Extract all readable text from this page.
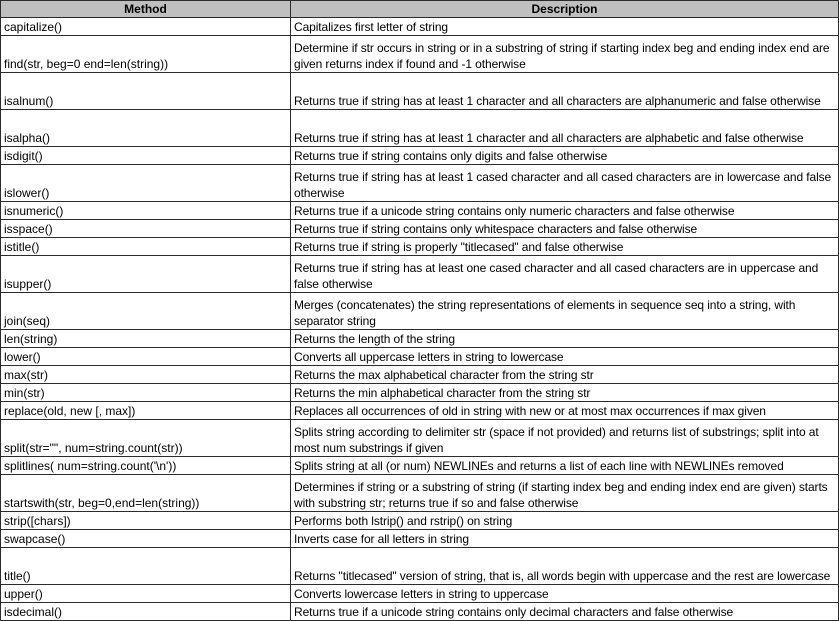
Method	Description
capitalize()	Capitalizes first letter of string
find(str, beg=0 end=len(string))	Determine if str occurs in string or in a substring of string if starting index beg and ending index end are given returns index if found and -1 otherwise
isalnum()	Returns true if string has at least 1 character and all characters are alphanumeric and false otherwise
isalpha()	Returns true if string has at least 1 character and all characters are alphabetic and false otherwise
isdigit()	Returns true if string contains only digits and false otherwise
islower()	Returns true if string has at least 1 cased character and all cased characters are in lowercase and false otherwise
isnumeric()	Returns true if a unicode string contains only numeric characters and false otherwise
isspace()	Returns true if string contains only whitespace characters and false otherwise
istitle()	Returns true if string is properly "titlecased" and false otherwise
isupper()	Returns true if string has at least one cased character and all cased characters are in uppercase and false otherwise
join(seq)	Merges (concatenates) the string representations of elements in sequence seq into a string, with separator string
len(string)	Returns the length of the string
lower()	Converts all uppercase letters in string to lowercase
max(str)	Returns the max alphabetical character from the string str
min(str)	Returns the min alphabetical character from the string str
replace(old, new [, max])	Replaces all occurrences of old in string with new or at most max occurrences if max given
split(str="", num=string.count(str))	Splits string according to delimiter str (space if not provided) and returns list of substrings; split into at most num substrings if given
splitlines( num=string.count('\n'))	Splits string at all (or num) NEWLINEs and returns a list of each line with NEWLINEs removed
startswith(str, beg=0,end=len(string))	Determines if string or a substring of string (if starting index beg and ending index end are given) starts with substring str; returns true if so and false otherwise
strip([chars])	Performs both lstrip() and rstrip() on string
swapcase()	Inverts case for all letters in string
title()	Returns "titlecased" version of string, that is, all words begin with uppercase and the rest are lowercase
upper()	Converts lowercase letters in string to uppercase
isdecimal()	Returns true if a unicode string contains only decimal characters and false otherwise
